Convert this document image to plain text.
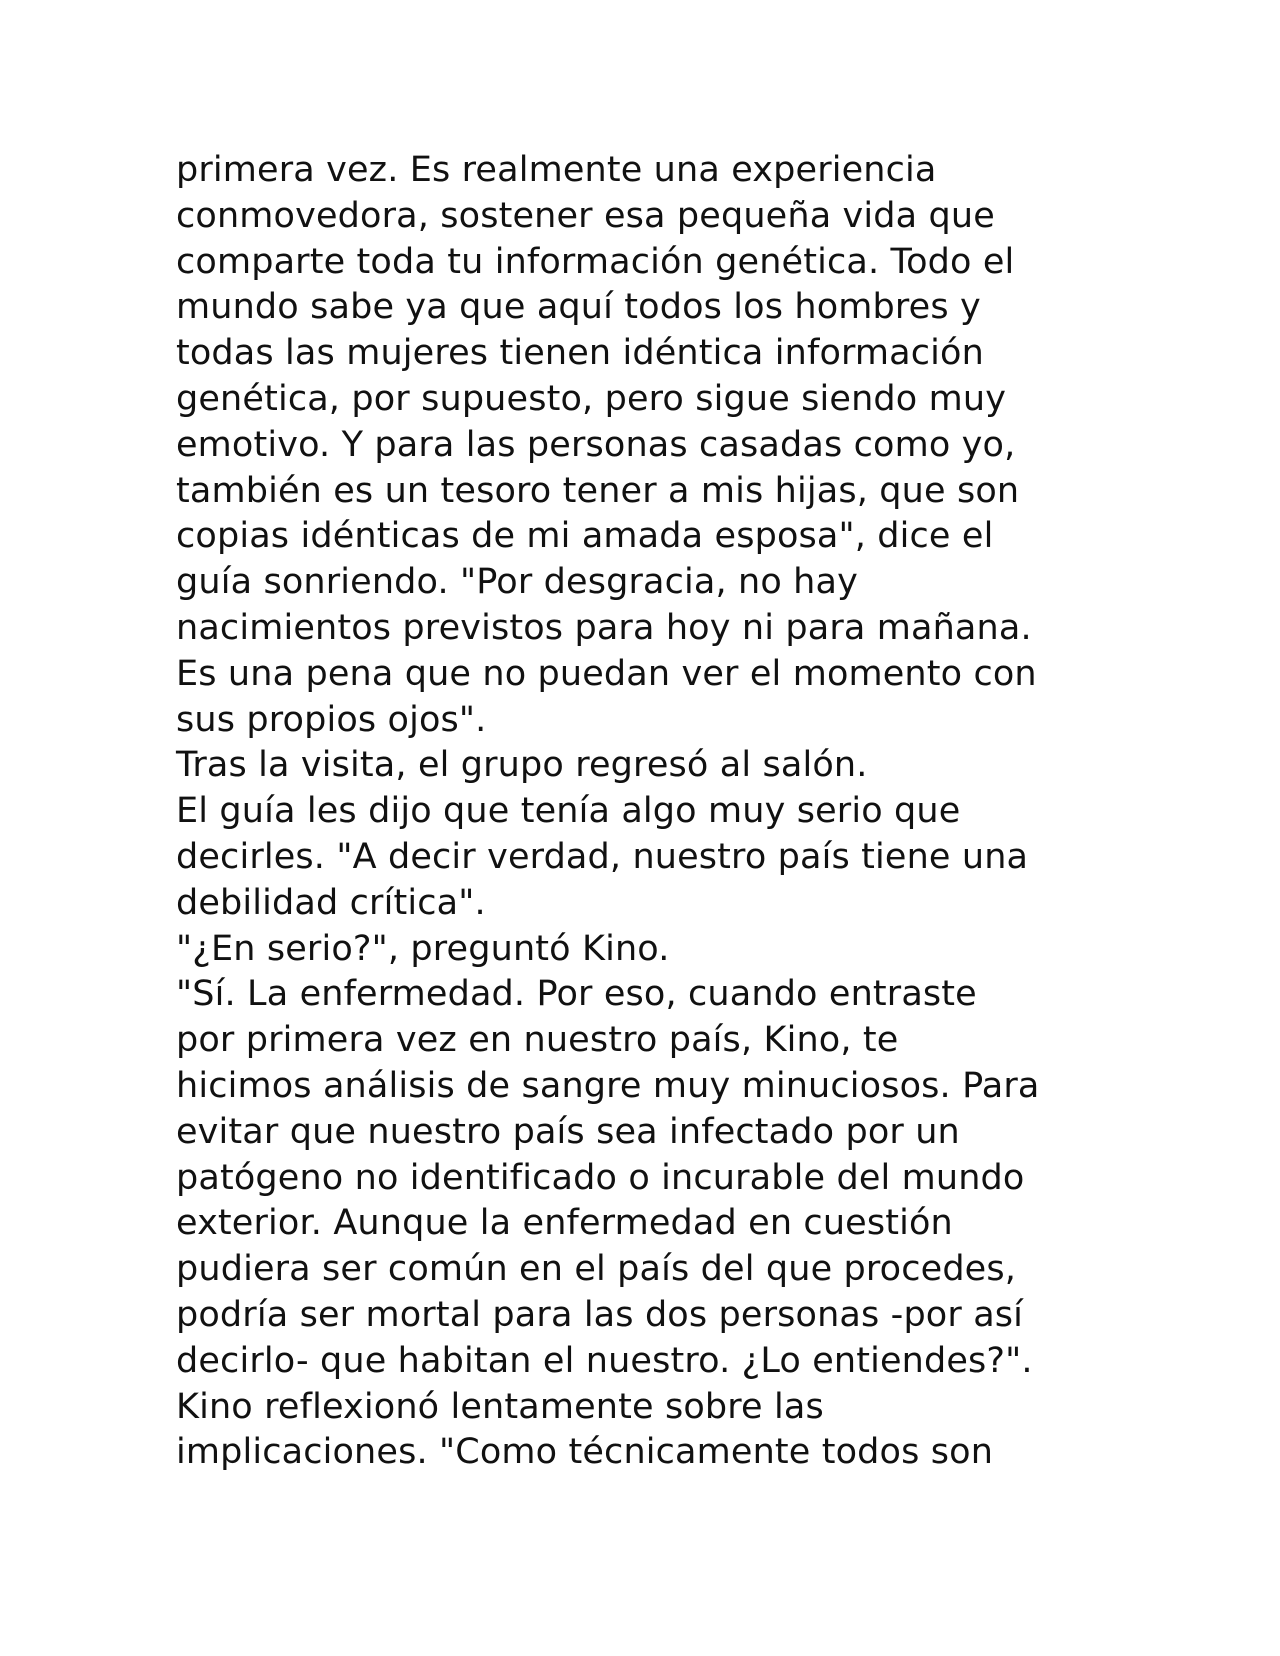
primera vez. Es realmente una experiencia
conmovedora, sostener esa pequeña vida que
comparte toda tu información genética. Todo el
mundo sabe ya que aquí todos los hombres y
todas las mujeres tienen idéntica información
genética, por supuesto, pero sigue siendo muy
emotivo. Y para las personas casadas como yo,
también es un tesoro tener a mis hijas, que son
copias idénticas de mi amada esposa", dice el
guía sonriendo. "Por desgracia, no hay
nacimientos previstos para hoy ni para mañana.
Es una pena que no puedan ver el momento con
sus propios ojos".
Tras la visita, el grupo regresó al salón.
El guía les dijo que tenía algo muy serio que
decirles. "A decir verdad, nuestro país tiene una
debilidad crítica".
"¿En serio?", preguntó Kino.
"Sí. La enfermedad. Por eso, cuando entraste
por primera vez en nuestro país, Kino, te
hicimos análisis de sangre muy minuciosos. Para
evitar que nuestro país sea infectado por un
patógeno no identificado o incurable del mundo
exterior. Aunque la enfermedad en cuestión
pudiera ser común en el país del que procedes,
podría ser mortal para las dos personas -por así
decirlo- que habitan el nuestro. ¿Lo entiendes?".
Kino reflexionó lentamente sobre las
implicaciones. "Como técnicamente todos son
